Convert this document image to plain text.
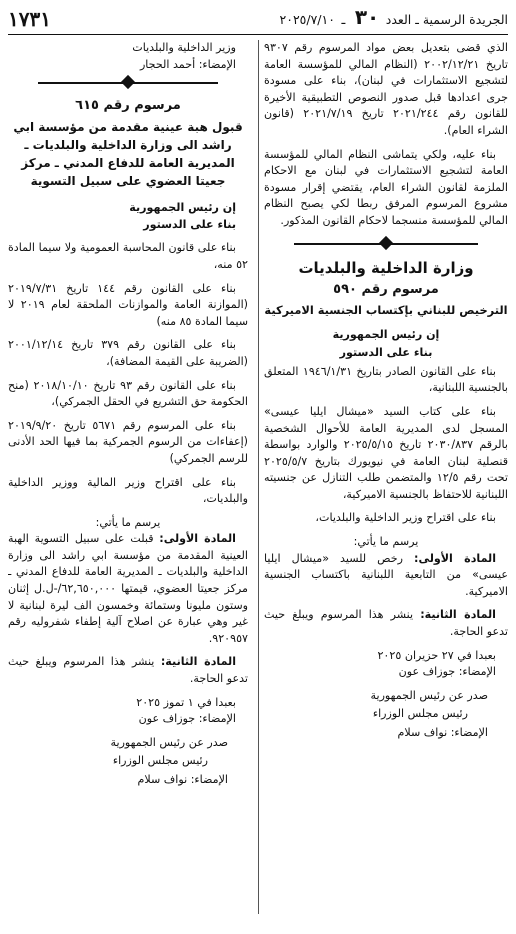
الجريدة الرسمية ـ العدد ٣٠ ـ ٢٠٢٥/٧/١٠
١٧٣١

الذي قضى بتعديل بعض مواد المرسوم رقم ٩٣٠٧ تاريخ ٢٠٠٢/١٢/٢١ (النظام المالي للمؤسسة العامة لتشجيع الاستثمارات في لبنان)، بناء على مسودة جرى اعدادها قبل صدور النصوص التطبيقية الأخيرة للقانون رقم ٢٠٢١/٢٤٤ تاريخ ٢٠٢١/٧/١٩ (قانون الشراء العام).

بناء عليه، ولكي يتماشى النظام المالي للمؤسسة العامة لتشجيع الاستثمارات في لبنان مع الاحكام الملزمة لقانون الشراء العام، يقتضي إقرار مسودة مشروع المرسوم المرفق ربطا لكي يصبح النظام المالي للمؤسسة منسجما لاحكام القانون المذكور.

وزارة الداخلية والبلديات
مرسوم رقم ٥٩٠
الترخيص للبناني بإكتساب الجنسية الاميركية

إن رئيس الجمهورية

بناء على الدستور

بناء على القانون الصادر بتاريخ ١٩٤٦/١/٣١ المتعلق بالجنسية اللبنانية،

بناء على كتاب السيد «ميشال ايليا عيسى» المسجل لدى المديرية العامة للأحوال الشخصية بالرقم ٢٠٣٠/٨٣٧ تاريخ ٢٠٢٥/٥/١٥ والوارد بواسطة قنصلية لبنان العامة في نيويورك بتاريخ ٢٠٢٥/٥/٧ تحت رقم ١٢/٥ والمتضمن طلب التنازل عن جنسيته اللبنانية للاحتفاظ بالجنسية الاميركية،

بناء على اقتراح وزير الداخلية والبلديات،

يرسم ما يأتي:

المادة الأولى: رخص للسيد «ميشال ايليا عيسى» من التابعية اللبنانية باكتساب الجنسية الاميركية.

المادة الثانية: ينشر هذا المرسوم ويبلغ حيث تدعو الحاجة.

بعبدا في ٢٧ حزيران ٢٠٢٥

الإمضاء: جوزاف عون

صدر عن رئيس الجمهورية

رئيس مجلس الوزراء

الإمضاء: نواف سلام

وزير الداخلية والبلديات

الإمضاء: أحمد الحجار

مرسوم رقم ٦١٥
قبول هبة عينية مقدمة من مؤسسة ابي راشد الى وزارة الداخلية والبلديات ـ المديرية العامة للدفاع المدني ـ مركز جعيتا العضوي على سبيل التسوية

إن رئيس الجمهورية

بناء على الدستور

بناء على قانون المحاسبة العمومية ولا سيما المادة ٥٢ منه،

بناء على القانون رقم ١٤٤ تاريخ ٢٠١٩/٧/٣١ (الموازنة العامة والموازنات الملحقة لعام ٢٠١٩ لا سيما المادة ٨٥ منه)

بناء على القانون رقم ٣٧٩ تاريخ ٢٠٠١/١٢/١٤ (الضريبة على القيمة المضافة)،

بناء على القانون رقم ٩٣ تاريخ ٢٠١٨/١٠/١٠ (منح الحكومة حق التشريع في الحقل الجمركي)،

بناء على المرسوم رقم ٥٦٧١ تاريخ ٢٠١٩/٩/٢٠ (إعفاءات من الرسوم الجمركية بما فيها الحد الأدنى للرسم الجمركي)

بناء على اقتراح وزير المالية ووزير الداخلية والبلديات،

يرسم ما يأتي:

المادة الأولى: قبلت على سبيل التسوية الهبة العينية المقدمة من مؤسسة ابي راشد الى وزارة الداخلية والبلديات ـ المديرية العامة للدفاع المدني ـ مركز جعيتا العضوي، قيمتها ٦٢,٦٥٠,٠٠٠/-ل.ل إثنان وستون مليونا وستمائة وخمسون الف ليرة لبنانية لا غير وهي عبارة عن اصلاح آلية إطفاء شفروليه رقم ٩٢٠٩٥٧.

المادة الثانية: ينشر هذا المرسوم ويبلغ حيث تدعو الحاجة.

بعبدا في ١ تموز ٢٠٢٥

الإمضاء: جوزاف عون

صدر عن رئيس الجمهورية

رئيس مجلس الوزراء

الإمضاء: نواف سلام
